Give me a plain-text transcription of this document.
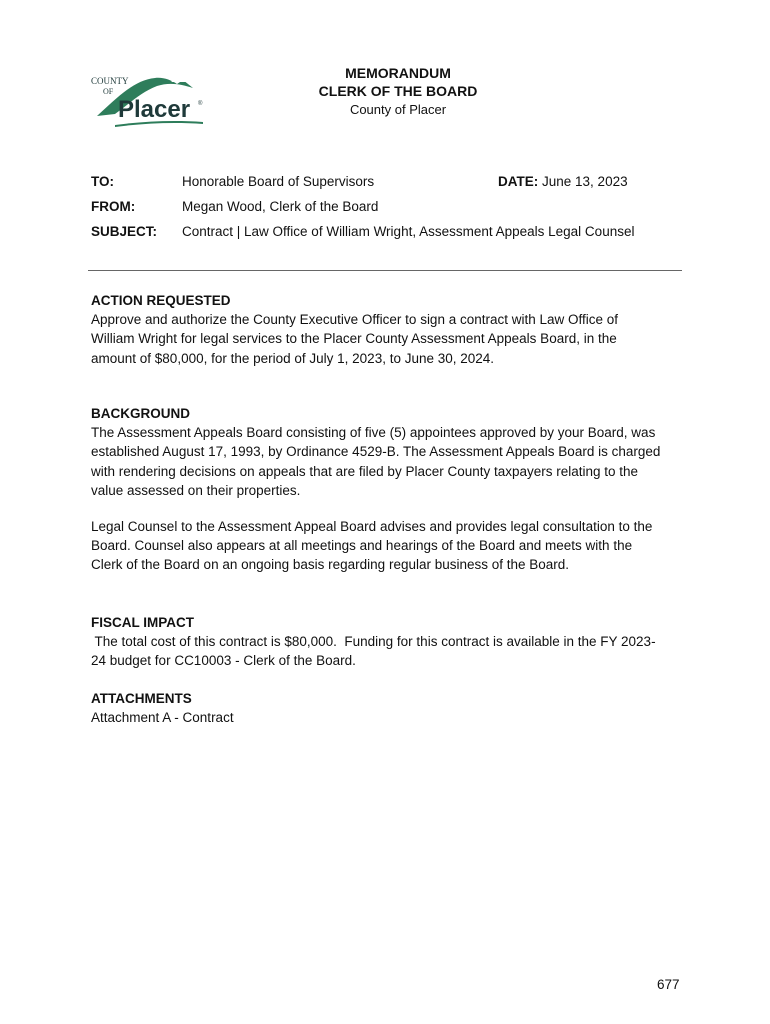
COUNTY
OF
Placer ®
MEMORANDUM
CLERK OF THE BOARD
County of Placer
TO:	Honorable Board of Supervisors	DATE: June 13, 2023
FROM:	Megan Wood, Clerk of the Board
SUBJECT: Contract | Law Office of William Wright, Assessment Appeals Legal Counsel
ACTION REQUESTED

Approve and authorize the County Executive Officer to sign a contract with Law Office of

William Wright for legal services to the Placer County Assessment Appeals Board, in the

amount of $80,000, for the period of July 1, 2023, to June 30, 2024.

BACKGROUND

The Assessment Appeals Board consisting of five (5) appointees approved by your Board, was

established August 17, 1993, by Ordinance 4529-B. The Assessment Appeals Board is charged

with rendering decisions on appeals that are filed by Placer County taxpayers relating to the

value assessed on their properties.

Legal Counsel to the Assessment Appeal Board advises and provides legal consultation to the

Board. Counsel also appears at all meetings and hearings of the Board and meets with the

Clerk of the Board on an ongoing basis regarding regular business of the Board.

FISCAL IMPACT

The total cost of this contract is $80,000.  Funding for this contract is available in the FY 2023-

24 budget for CC10003 - Clerk of the Board.

ATTACHMENTS

Attachment A - Contract

677
